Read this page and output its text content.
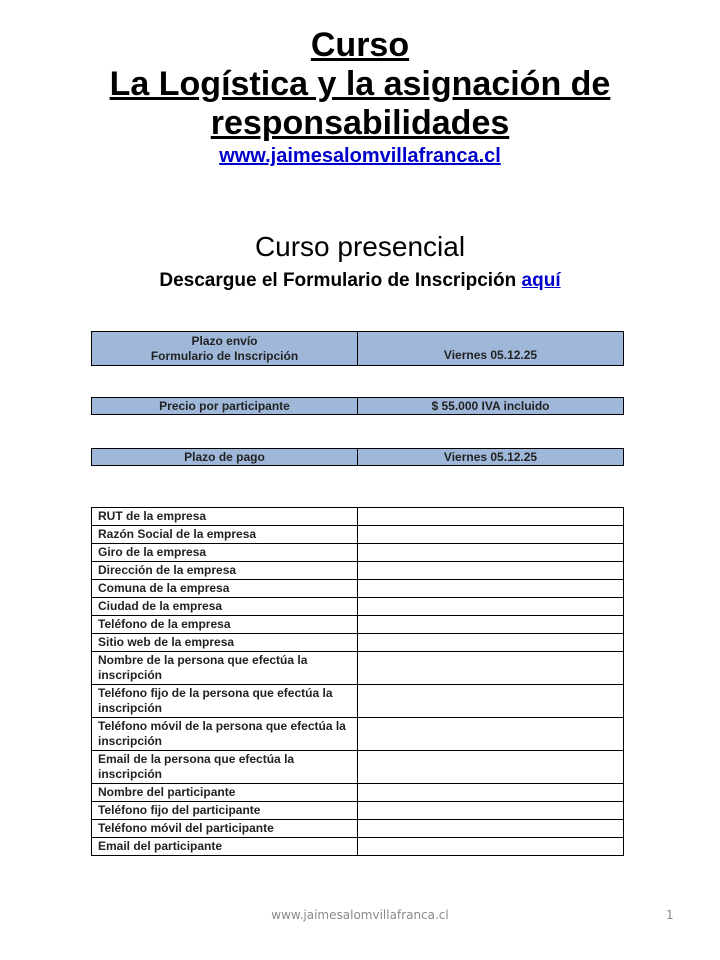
Curso
La Logística y la asignación de
responsabilidades
www.jaimesalomvillafranca.cl
Curso presencial
Descargue el Formulario de Inscripción aquí
Plazo envío
Formulario de Inscripción	Viernes 05.12.25
Precio por participante	$ 55.000 IVA incluido
Plazo de pago	Viernes 05.12.25
RUT de la empresa	
Razón Social de la empresa	
Giro de la empresa	
Dirección de la empresa	
Comuna de la empresa	
Ciudad de la empresa	
Teléfono de la empresa	
Sitio web de la empresa	
Nombre de la persona que efectúa la inscripción	
Teléfono fijo de la persona que efectúa la inscripción	
Teléfono móvil de la persona que efectúa la inscripción	
Email de la persona que efectúa la inscripción	
Nombre del participante	
Teléfono fijo del participante	
Teléfono móvil del participante	
Email del participante	
www.jaimesalomvillafranca.cl	1
